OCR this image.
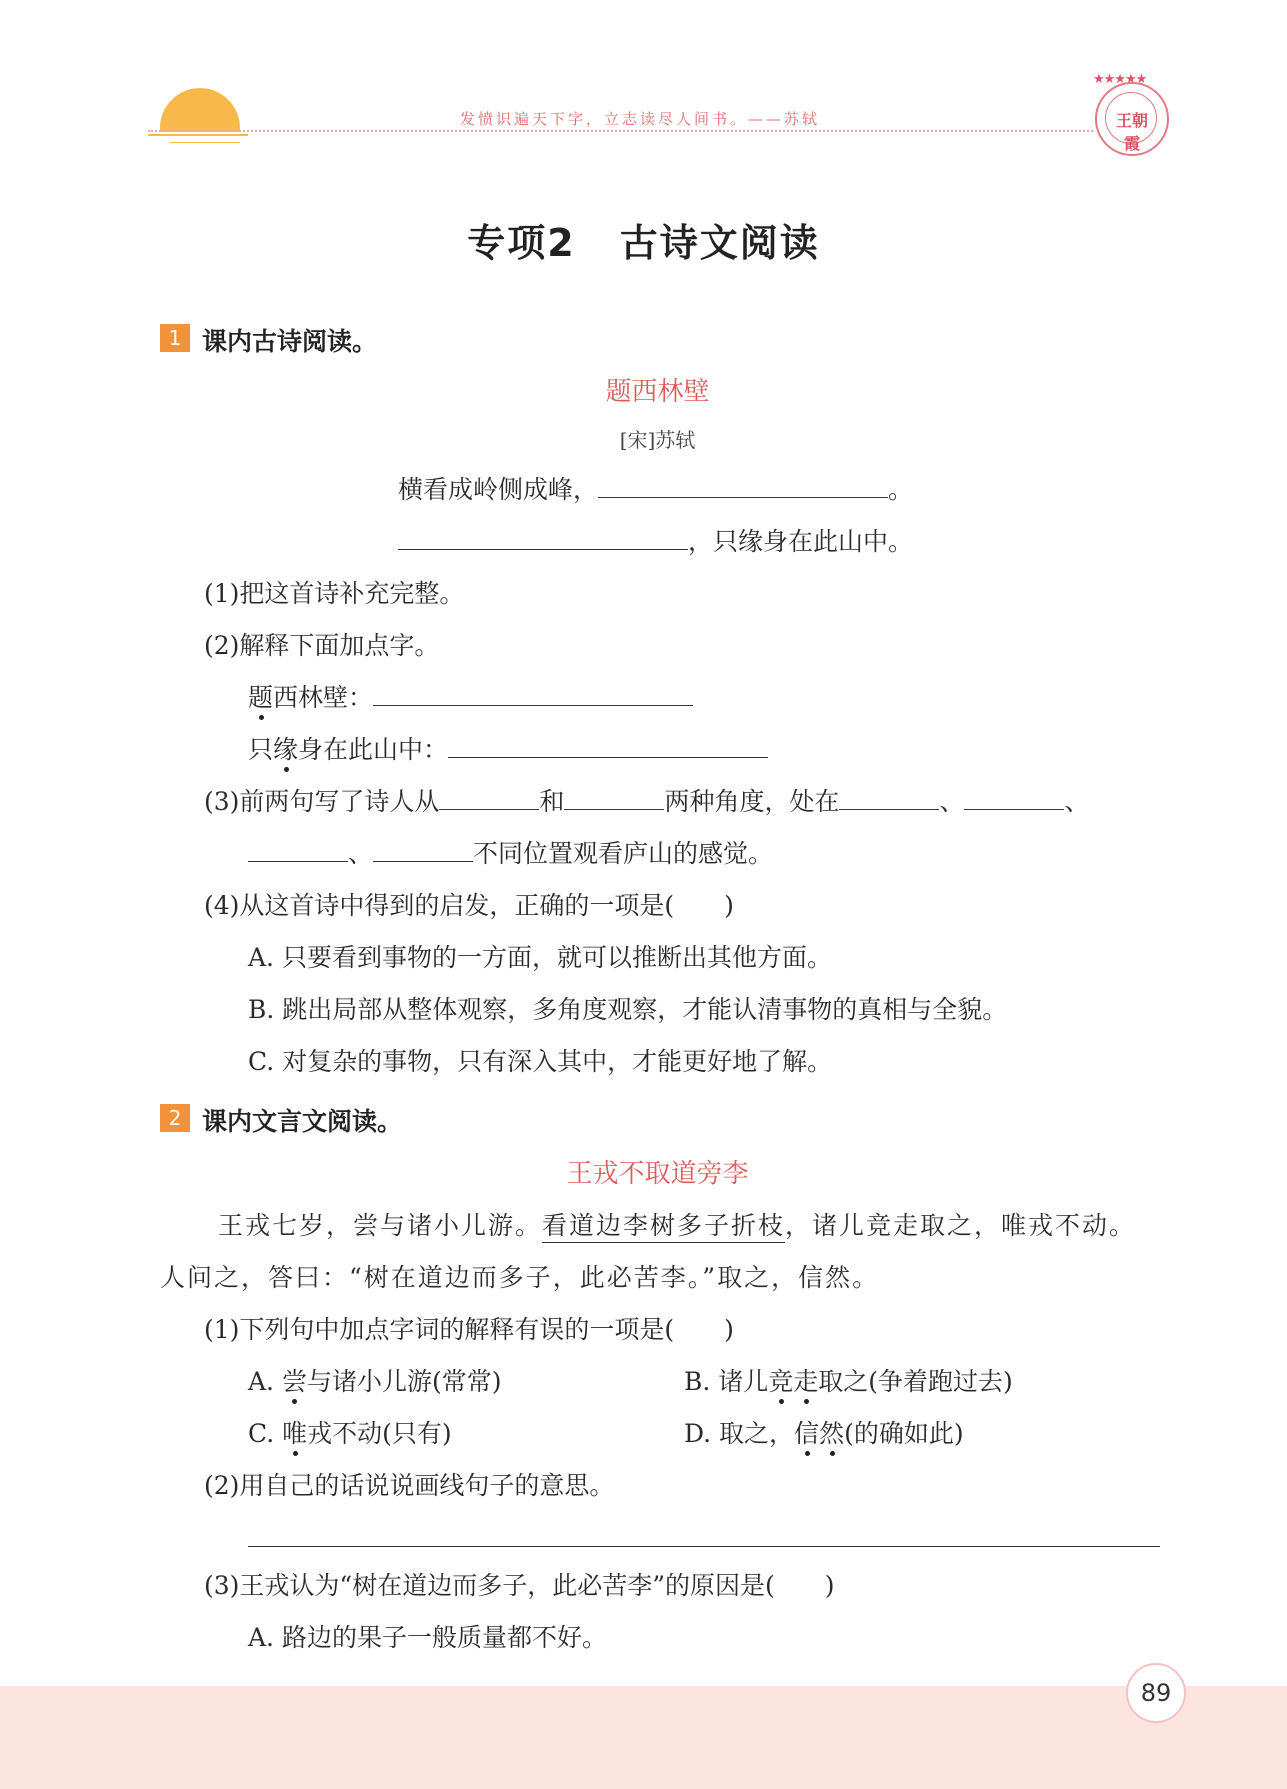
发愤识遍天下字，立志读尽人间书。——苏轼
★★★★★
王朝霞
专项2 古诗文阅读
1 课内古诗阅读。
题西林壁
[宋]苏轼
横看成岭侧成峰，	。
，只缘身在此山中。
(1)把这首诗补充完整。
(2)解释下面加点字。
题西林壁：
只缘身在此山中：
(3)前两句写了诗人从	和	两种角度，处在	、	、
、	不同位置观看庐山的感觉。
(4)从这首诗中得到的启发，正确的一项是(　　)
A. 只要看到事物的一方面，就可以推断出其他方面。
B. 跳出局部从整体观察，多角度观察，才能认清事物的真相与全貌。
C. 对复杂的事物，只有深入其中，才能更好地了解。
2 课内文言文阅读。
王戎不取道旁李
王戎七岁，尝与诸小儿游。看道边李树多子折枝，诸儿竞走取之，唯戎不动。
人问之，答曰：“树在道边而多子，此必苦李。”取之，信然。
(1)下列句中加点字词的解释有误的一项是(　　)
A. 尝与诸小儿游(常常)	B. 诸儿竞走取之(争着跑过去)
C. 唯戎不动(只有)	D. 取之，信然(的确如此)
(2)用自己的话说说画线句子的意思。
(3)王戎认为“树在道边而多子，此必苦李”的原因是(　　)
A. 路边的果子一般质量都不好。
89
